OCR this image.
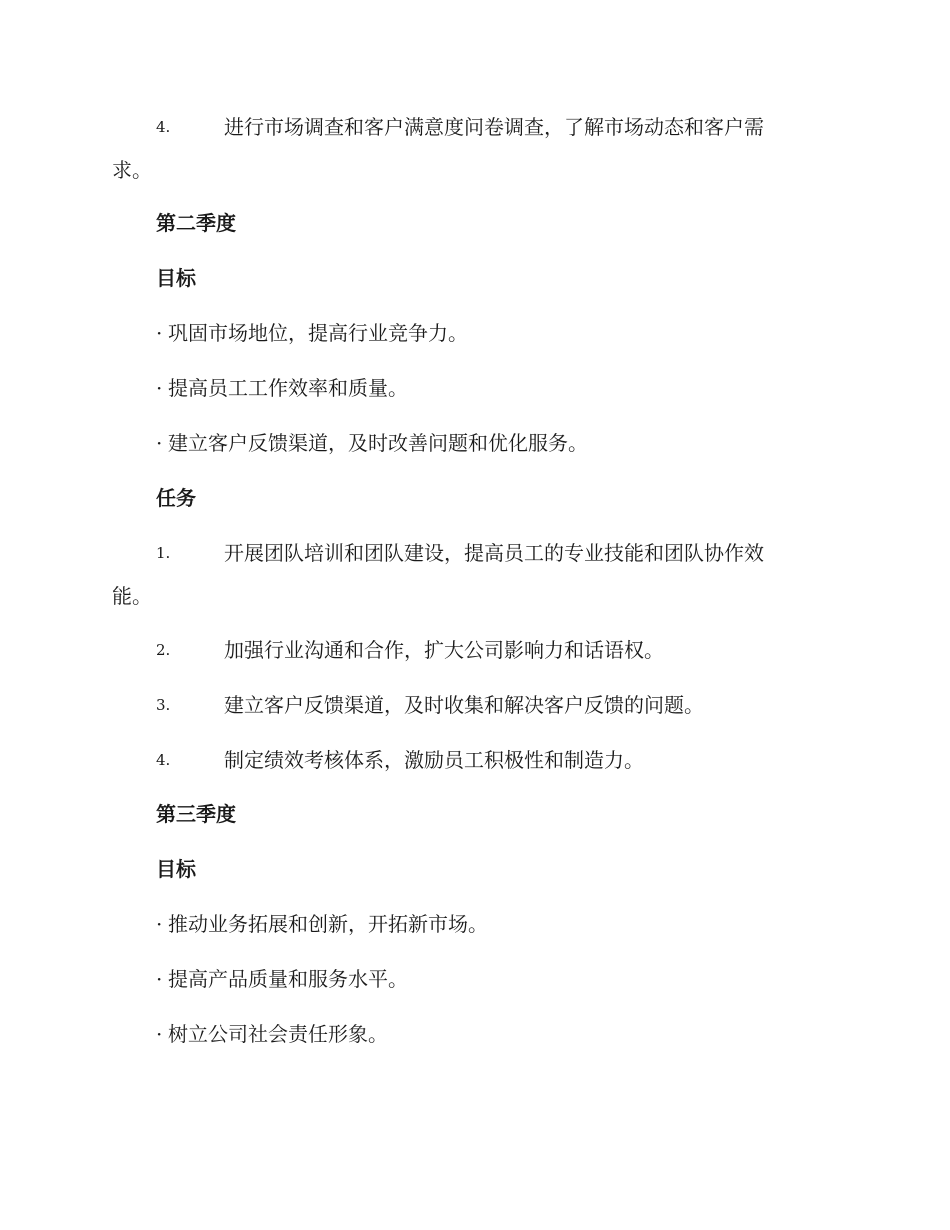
4.	进行市场调查和客户满意度问卷调查，了解市场动态和客户需
求。
第二季度
目标
· 巩固市场地位，提高行业竞争力。
· 提高员工工作效率和质量。
· 建立客户反馈渠道，及时改善问题和优化服务。
任务
1.	开展团队培训和团队建设，提高员工的专业技能和团队协作效
能。
2.	加强行业沟通和合作，扩大公司影响力和话语权。
3.	建立客户反馈渠道，及时收集和解决客户反馈的问题。
4.	制定绩效考核体系，激励员工积极性和制造力。
第三季度
目标
· 推动业务拓展和创新，开拓新市场。
· 提高产品质量和服务水平。
· 树立公司社会责任形象。
